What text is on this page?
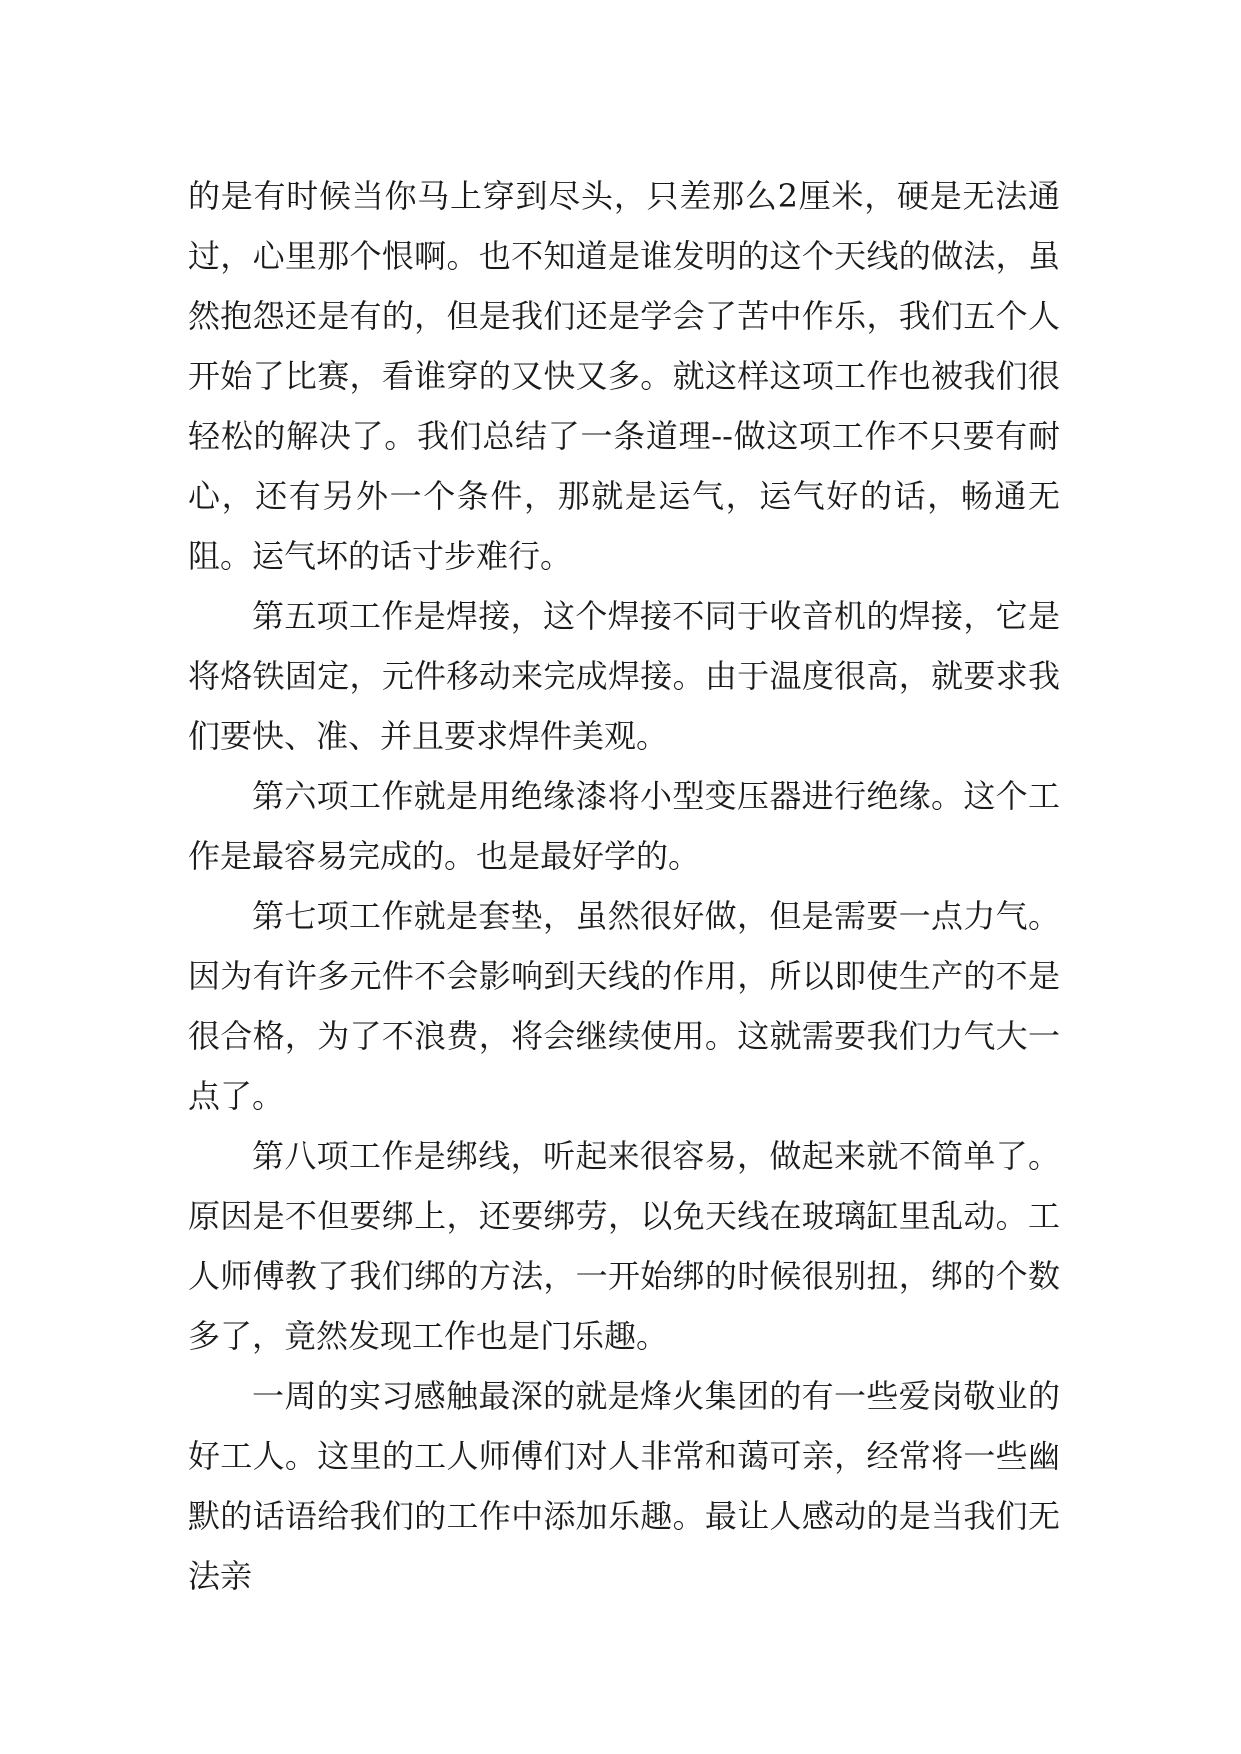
的是有时候当你马上穿到尽头，只差那么2厘米，硬是无法通过，心里那个恨啊。也不知道是谁发明的这个天线的做法，虽然抱怨还是有的，但是我们还是学会了苦中作乐，我们五个人开始了比赛，看谁穿的又快又多。就这样这项工作也被我们很轻松的解决了。我们总结了一条道理--做这项工作不只要有耐心，还有另外一个条件，那就是运气，运气好的话，畅通无阻。运气坏的话寸步难行。

第五项工作是焊接，这个焊接不同于收音机的焊接，它是将烙铁固定，元件移动来完成焊接。由于温度很高，就要求我们要快、准、并且要求焊件美观。

第六项工作就是用绝缘漆将小型变压器进行绝缘。这个工作是最容易完成的。也是最好学的。

第七项工作就是套垫，虽然很好做，但是需要一点力气。因为有许多元件不会影响到天线的作用，所以即使生产的不是很合格，为了不浪费，将会继续使用。这就需要我们力气大一点了。

第八项工作是绑线，听起来很容易，做起来就不简单了。原因是不但要绑上，还要绑劳，以免天线在玻璃缸里乱动。工人师傅教了我们绑的方法，一开始绑的时候很别扭，绑的个数多了，竟然发现工作也是门乐趣。

一周的实习感触最深的就是烽火集团的有一些爱岗敬业的好工人。这里的工人师傅们对人非常和蔼可亲，经常将一些幽默的话语给我们的工作中添加乐趣。最让人感动的是当我们无法亲
